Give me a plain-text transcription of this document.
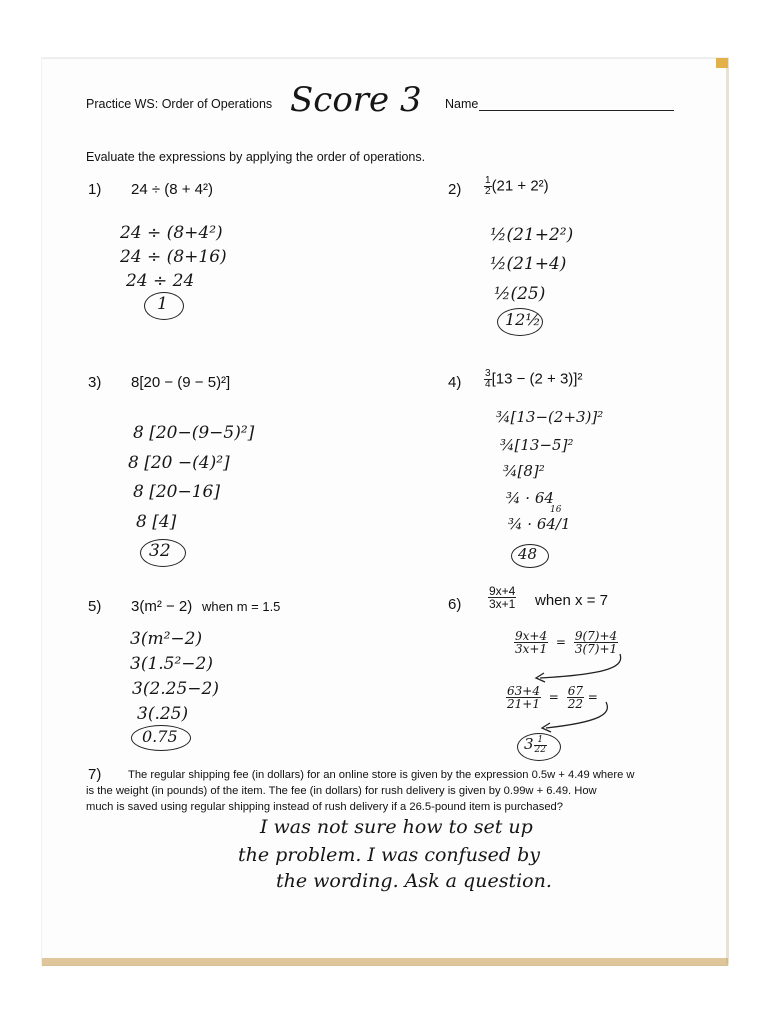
Practice WS: Order of Operations Score 3 Name
Evaluate the expressions by applying the order of operations.
1) 24 ÷ (8 + 4²)
24 ÷ (8+4²)
24 ÷ (8+16)
24 ÷ 24
1
$2) \frac{1}{2} (21 + 2^2)$
½(21+2²)
½(21+4)
½(25)
12½
3) 8[20 − (9 − 5)²]
8 [20−(9−5)²]
8 [20 −(4)²]
8 [20−16]
8 [4]
32
$4) \frac{3}{4} [13 - (2 + 3)]^2$
¾[13−(2+3)]²
¾[13−5]²
¾[8]²
¾ · 64
¾ · 64/1
16
48
5) 3(m² − 2) when m = 1.5
3(m²−2)
3(1.5²−2)
3(2.25−2)
3(.25)
0.75
$6) \frac{9x+4}{3x+1}$ when x = 7
$\frac{9x+4}{3x+1} = \frac{9(7)+4}{3(7)+1}$
$\frac{63+4}{21+1} = \frac{67}{22}$ =
$3 \frac{1}{22}$
7) The regular shipping fee (in dollars) for an online store is given by the expression 0.5w + 4.49 where w
is the weight (in pounds) of the item. The fee (in dollars) for rush delivery is given by 0.99w + 6.49. How
much is saved using regular shipping instead of rush delivery if a 26.5-pound item is purchased?
I was not sure how to set up
the problem. I was confused by
the wording. Ask a question.
